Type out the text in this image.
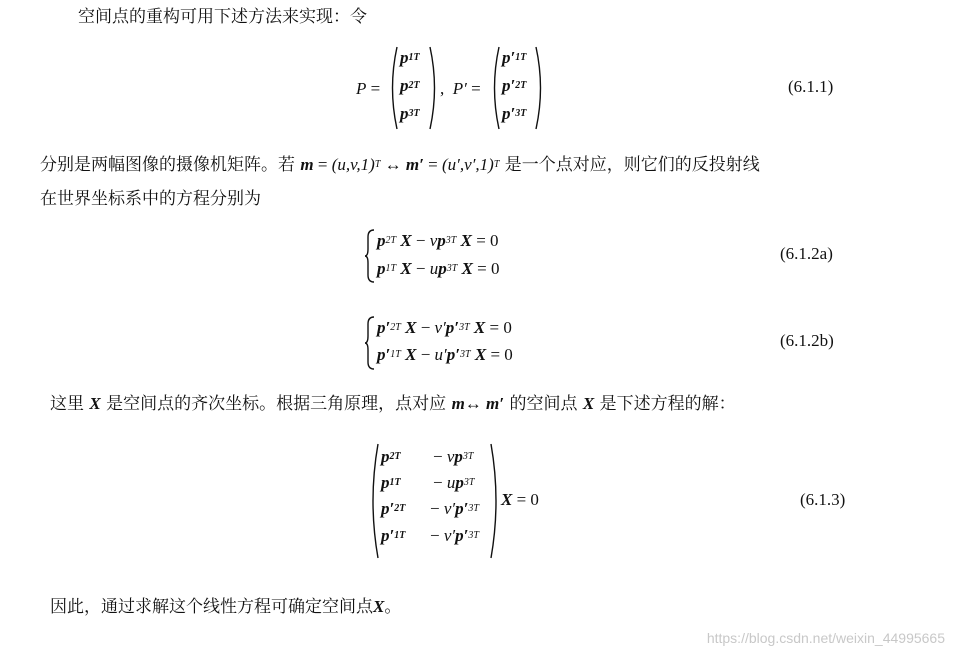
空间点的重构可用下述方法来实现：令
P =
$p^{1T}$
$p^{2T}$
$p^{3T}$
, P′ =
$p'^{1T}$
$p'^{2T}$
$p'^{3T}$
(6.1.1)
分别是两幅图像的摄像机矩阵。若 $m = (u,v,1)^T$ ↔ $m' = (u',v',1)^T$ 是一个点对应，则它们的反投射线
在世界坐标系中的方程分别为
$p^{2T}$ $X - vp^{3T}$ X = 0
$p^{1T}$ $X - up^{3T}$ X = 0
(6.1.2a)
$p'^{2T}$ $X - v'p'^{3T}$ X = 0
$p'^{1T}$ $X - u'p'^{3T}$ X = 0
(6.1.2b)
这里 X 是空间点的齐次坐标。根据三角原理，点对应 m↔ m′ 的空间点 X 是下述方程的解：
$p^{2T}$
$p^{1T}$
$p'^{2T}$
$p'^{1T}$
− $vp^{3T}$
− $up^{3T}$
− $v'p'^{3T}$
− $v'p'^{3T}$
X = 0	(6.1.3)
因此，通过求解这个线性方程可确定空间点X。
https://blog.csdn.net/weixin_44995665
